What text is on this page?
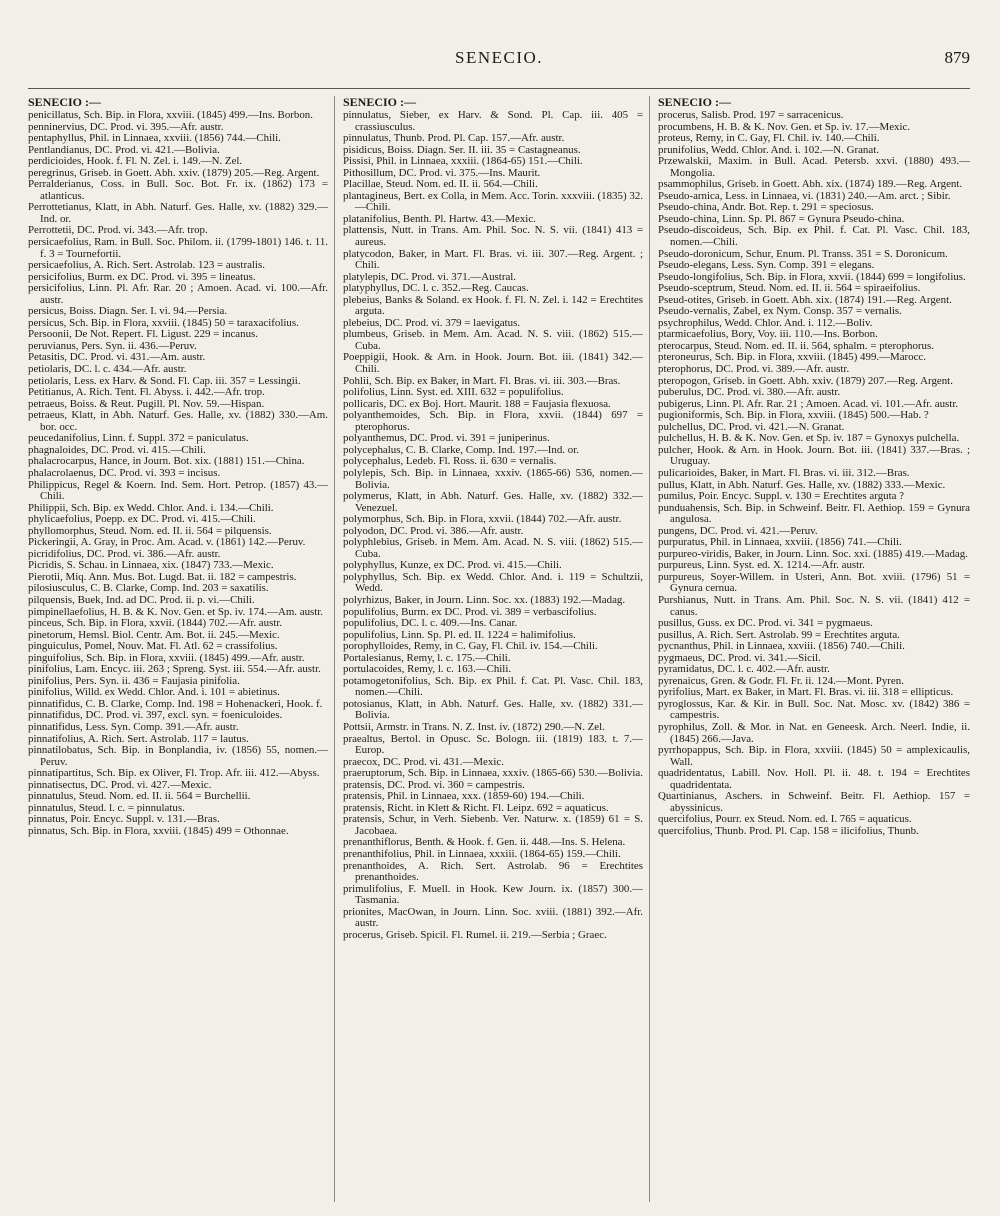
SENECIO.	879
SENECIO :—

penicillatus, Sch. Bip. in Flora, xxviii. (1845) 499.—Ins. Borbon.

penninervius, DC. Prod. vi. 395.—Afr. austr.

pentaphyllus, Phil. in Linnaea, xxviii. (1856) 744.—Chili.

Pentlandianus, DC. Prod. vi. 421.—Bolivia.

perdicioides, Hook. f. Fl. N. Zel. i. 149.—N. Zel.

peregrinus, Griseb. in Goett. Abh. xxiv. (1879) 205.—Reg. Argent.

Perralderianus, Coss. in Bull. Soc. Bot. Fr. ix. (1862) 173 = atlanticus.

Perrottetianus, Klatt, in Abh. Naturf. Ges. Halle, xv. (1882) 329.—Ind. or.

Perrottetii, DC. Prod. vi. 343.—Afr. trop.

persicaefolius, Ram. in Bull. Soc. Philom. ii. (1799-1801) 146. t. 11. f. 3 = Tournefortii.

persicaefolius, A. Rich. Sert. Astrolab. 123 = australis.

persicifolius, Burm. ex DC. Prod. vi. 395 = lineatus.

persicifolius, Linn. Pl. Afr. Rar. 20 ; Amoen. Acad. vi. 100.—Afr. austr.

persicus, Boiss. Diagn. Ser. I. vi. 94.—Persia.

persicus, Sch. Bip. in Flora, xxviii. (1845) 50 = taraxacifolius.

Persoonii, De Not. Repert. Fl. Ligust. 229 = incanus.

peruvianus, Pers. Syn. ii. 436.—Peruv.

Petasitis, DC. Prod. vi. 431.—Am. austr.

petiolaris, DC. l. c. 434.—Afr. austr.

petiolaris, Less. ex Harv. & Sond. Fl. Cap. iii. 357 = Lessingii.

Petitianus, A. Rich. Tent. Fl. Abyss. i. 442.—Afr. trop.

petraeus, Boiss. & Reut. Pugill. Pl. Nov. 59.—Hispan.

petraeus, Klatt, in Abh. Naturf. Ges. Halle, xv. (1882) 330.—Am. bor. occ.

peucedanifolius, Linn. f. Suppl. 372 = paniculatus.

phagnaloides, DC. Prod. vi. 415.—Chili.

phalacrocarpus, Hance, in Journ. Bot. xix. (1881) 151.—China.

phalacrolaenus, DC. Prod. vi. 393 = incisus.

Philippicus, Regel & Koern. Ind. Sem. Hort. Petrop. (1857) 43.—Chili.

Philippii, Sch. Bip. ex Wedd. Chlor. And. i. 134.—Chili.

phylicaefolius, Poepp. ex DC. Prod. vi. 415.—Chili.

phyllomorphus, Steud. Nom. ed. II. ii. 564 = pilquensis.

Pickeringii, A. Gray, in Proc. Am. Acad. v. (1861) 142.—Peruv.

picridifolius, DC. Prod. vi. 386.—Afr. austr.

Picridis, S. Schau. in Linnaea, xix. (1847) 733.—Mexic.

Pierotii, Miq. Ann. Mus. Bot. Lugd. Bat. ii. 182 = campestris.

pilosiusculus, C. B. Clarke, Comp. Ind. 203 = saxatilis.

pilquensis, Buek, Ind. ad DC. Prod. ii. p. vi.—Chili.

pimpinellaefolius, H. B. & K. Nov. Gen. et Sp. iv. 174.—Am. austr.

pinceus, Sch. Bip. in Flora, xxvii. (1844) 702.—Afr. austr.

pinetorum, Hemsl. Biol. Centr. Am. Bot. ii. 245.—Mexic.

pinguiculus, Pomel, Nouv. Mat. Fl. Atl. 62 = crassifolius.

pinguifolius, Sch. Bip. in Flora, xxviii. (1845) 499.—Afr. austr.

pinifolius, Lam. Encyc. iii. 263 ; Spreng. Syst. iii. 554.—Afr. austr.

pinifolius, Pers. Syn. ii. 436 = Faujasia pinifolia.

pinifolius, Willd. ex Wedd. Chlor. And. i. 101 = abietinus.

pinnatifidus, C. B. Clarke, Comp. Ind. 198 = Hohenackeri, Hook. f.

pinnatifidus, DC. Prod. vi. 397, excl. syn. = foeniculoides.

pinnatifidus, Less. Syn. Comp. 391.—Afr. austr.

pinnatifolius, A. Rich. Sert. Astrolab. 117 = lautus.

pinnatilobatus, Sch. Bip. in Bonplandia, iv. (1856) 55, nomen.—Peruv.

pinnatipartitus, Sch. Bip. ex Oliver, Fl. Trop. Afr. iii. 412.—Abyss.

pinnatisectus, DC. Prod. vi. 427.—Mexic.

pinnatulus, Steud. Nom. ed. II. ii. 564 = Burchellii.

pinnatulus, Steud. l. c. = pinnulatus.

pinnatus, Poir. Encyc. Suppl. v. 131.—Bras.

pinnatus, Sch. Bip. in Flora, xxviii. (1845) 499 = Othonnae.

SENECIO :—

pinnulatus, Sieber, ex Harv. & Sond. Pl. Cap. iii. 405 = crassiusculus.

pinnulatus, Thunb. Prod. Pl. Cap. 157.—Afr. austr.

pisidicus, Boiss. Diagn. Ser. II. iii. 35 = Castagneanus.

Pissisi, Phil. in Linnaea, xxxiii. (1864-65) 151.—Chili.

Pithosillum, DC. Prod. vi. 375.—Ins. Maurit.

Placillae, Steud. Nom. ed. II. ii. 564.—Chili.

plantagineus, Bert. ex Colla, in Mem. Acc. Torin. xxxviii. (1835) 32.—Chili.

platanifolius, Benth. Pl. Hartw. 43.—Mexic.

plattensis, Nutt. in Trans. Am. Phil. Soc. N. S. vii. (1841) 413 = aureus.

platycodon, Baker, in Mart. Fl. Bras. vi. iii. 307.—Reg. Argent. ; Chili.

platylepis, DC. Prod. vi. 371.—Austral.

platyphyllus, DC. l. c. 352.—Reg. Caucas.

plebeius, Banks & Soland. ex Hook. f. Fl. N. Zel. i. 142 = Erechtites arguta.

plebeius, DC. Prod. vi. 379 = laevigatus.

plumbeus, Griseb. in Mem. Am. Acad. N. S. viii. (1862) 515.—Cuba.

Poeppigii, Hook. & Arn. in Hook. Journ. Bot. iii. (1841) 342.—Chili.

Pohlii, Sch. Bip. ex Baker, in Mart. Fl. Bras. vi. iii. 303.—Bras.

polifolius, Linn. Syst. ed. XIII. 632 = populifolius.

pollicaris, DC. ex Boj. Hort. Maurit. 188 = Faujasia flexuosa.

polyanthemoides, Sch. Bip. in Flora, xxvii. (1844) 697 = pterophorus.

polyanthemus, DC. Prod. vi. 391 = juniperinus.

polycephalus, C. B. Clarke, Comp. Ind. 197.—Ind. or.

polycephalus, Ledeb. Fl. Ross. ii. 630 = vernalis.

polylepis, Sch. Bip. in Linnaea, xxxiv. (1865-66) 536, nomen.—Bolivia.

polymerus, Klatt, in Abh. Naturf. Ges. Halle, xv. (1882) 332.—Venezuel.

polymorphus, Sch. Bip. in Flora, xxvii. (1844) 702.—Afr. austr.

polyodon, DC. Prod. vi. 386.—Afr. austr.

polyphlebius, Griseb. in Mem. Am. Acad. N. S. viii. (1862) 515.—Cuba.

polyphyllus, Kunze, ex DC. Prod. vi. 415.—Chili.

polyphyllus, Sch. Bip. ex Wedd. Chlor. And. i. 119 = Schultzii, Wedd.

polyrhizus, Baker, in Journ. Linn. Soc. xx. (1883) 192.—Madag.

populifolius, Burm. ex DC. Prod. vi. 389 = verbascifolius.

populifolius, DC. l. c. 409.—Ins. Canar.

populifolius, Linn. Sp. Pl. ed. II. 1224 = halimifolius.

porophylloides, Remy, in C. Gay, Fl. Chil. iv. 154.—Chili.

Portalesianus, Remy, l. c. 175.—Chili.

portulacoides, Remy, l. c. 163.—Chili.

potamogetonifolius, Sch. Bip. ex Phil. f. Cat. Pl. Vasc. Chil. 183, nomen.—Chili.

potosianus, Klatt, in Abh. Naturf. Ges. Halle, xv. (1882) 331.—Bolivia.

Pottsii, Armstr. in Trans. N. Z. Inst. iv. (1872) 290.—N. Zel.

praealtus, Bertol. in Opusc. Sc. Bologn. iii. (1819) 183. t. 7.—Europ.

praecox, DC. Prod. vi. 431.—Mexic.

praeruptorum, Sch. Bip. in Linnaea, xxxiv. (1865-66) 530.—Bolivia.

pratensis, DC. Prod. vi. 360 = campestris.

pratensis, Phil. in Linnaea, xxx. (1859-60) 194.—Chili.

pratensis, Richt. in Klett & Richt. Fl. Leipz. 692 = aquaticus.

pratensis, Schur, in Verh. Siebenb. Ver. Naturw. x. (1859) 61 = S. Jacobaea.

prenanthiflorus, Benth. & Hook. f. Gen. ii. 448.—Ins. S. Helena.

prenanthifolius, Phil. in Linnaea, xxxiii. (1864-65) 159.—Chili.

prenanthoides, A. Rich. Sert. Astrolab. 96 = Erechtites prenanthoides.

primulifolius, F. Muell. in Hook. Kew Journ. ix. (1857) 300.—Tasmania.

prionites, MacOwan, in Journ. Linn. Soc. xviii. (1881) 392.—Afr. austr.

procerus, Griseb. Spicil. Fl. Rumel. ii. 219.—Serbia ; Graec.

SENECIO :—

procerus, Salisb. Prod. 197 = sarracenicus.

procumbens, H. B. & K. Nov. Gen. et Sp. iv. 17.—Mexic.

proteus, Remy, in C. Gay, Fl. Chil. iv. 140.—Chili.

prunifolius, Wedd. Chlor. And. i. 102.—N. Granat.

Przewalskii, Maxim. in Bull. Acad. Petersb. xxvi. (1880) 493.—Mongolia.

psammophilus, Griseb. in Goett. Abh. xix. (1874) 189.—Reg. Argent.

Pseudo-arnica, Less. in Linnaea, vi. (1831) 240.—Am. arct. ; Sibir.

Pseudo-china, Andr. Bot. Rep. t. 291 = speciosus.

Pseudo-china, Linn. Sp. Pl. 867 = Gynura Pseudo-china.

Pseudo-discoideus, Sch. Bip. ex Phil. f. Cat. Pl. Vasc. Chil. 183, nomen.—Chili.

Pseudo-doronicum, Schur, Enum. Pl. Transs. 351 = S. Doronicum.

Pseudo-elegans, Less. Syn. Comp. 391 = elegans.

Pseudo-longifolius, Sch. Bip. in Flora, xxvii. (1844) 699 = longifolius.

Pseudo-sceptrum, Steud. Nom. ed. II. ii. 564 = spiraeifolius.

Pseud-otites, Griseb. in Goett. Abh. xix. (1874) 191.—Reg. Argent.

Pseudo-vernalis, Zabel, ex Nym. Consp. 357 = vernalis.

psychrophilus, Wedd. Chlor. And. i. 112.—Boliv.

ptarmicaefolius, Bory, Voy. iii. 110.—Ins. Borbon.

pterocarpus, Steud. Nom. ed. II. ii. 564, sphalm. = pterophorus.

pteroneurus, Sch. Bip. in Flora, xxviii. (1845) 499.—Marocc.

pterophorus, DC. Prod. vi. 389.—Afr. austr.

pteropogon, Griseb. in Goett. Abh. xxiv. (1879) 207.—Reg. Argent.

puberulus, DC. Prod. vi. 380.—Afr. austr.

pubigerus, Linn. Pl. Afr. Rar. 21 ; Amoen. Acad. vi. 101.—Afr. austr.

pugioniformis, Sch. Bip. in Flora, xxviii. (1845) 500.—Hab. ?

pulchellus, DC. Prod. vi. 421.—N. Granat.

pulchellus, H. B. & K. Nov. Gen. et Sp. iv. 187 = Gynoxys pulchella.

pulcher, Hook. & Arn. in Hook. Journ. Bot. iii. (1841) 337.—Bras. ; Uruguay.

pulicarioides, Baker, in Mart. Fl. Bras. vi. iii. 312.—Bras.

pullus, Klatt, in Abh. Naturf. Ges. Halle, xv. (1882) 333.—Mexic.

pumilus, Poir. Encyc. Suppl. v. 130 = Erechtites arguta ?

punduahensis, Sch. Bip. in Schweinf. Beitr. Fl. Aethiop. 159 = Gynura angulosa.

pungens, DC. Prod. vi. 421.—Peruv.

purpuratus, Phil. in Linnaea, xxviii. (1856) 741.—Chili.

purpureo-viridis, Baker, in Journ. Linn. Soc. xxi. (1885) 419.—Madag.

purpureus, Linn. Syst. ed. X. 1214.—Afr. austr.

purpureus, Soyer-Willem. in Usteri, Ann. Bot. xviii. (1796) 51 = Gynura cernua.

Purshianus, Nutt. in Trans. Am. Phil. Soc. N. S. vii. (1841) 412 = canus.

pusillus, Guss. ex DC. Prod. vi. 341 = pygmaeus.

pusillus, A. Rich. Sert. Astrolab. 99 = Erechtites arguta.

pycnanthus, Phil. in Linnaea, xxviii. (1856) 740.—Chili.

pygmaeus, DC. Prod. vi. 341.—Sicil.

pyramidatus, DC. l. c. 402.—Afr. austr.

pyrenaicus, Gren. & Godr. Fl. Fr. ii. 124.—Mont. Pyren.

pyrifolius, Mart. ex Baker, in Mart. Fl. Bras. vi. iii. 318 = ellipticus.

pyroglossus, Kar. & Kir. in Bull. Soc. Nat. Mosc. xv. (1842) 386 = campestris.

pyrophilus, Zoll. & Mor. in Nat. en Geneesk. Arch. Neerl. Indie, ii. (1845) 266.—Java.

pyrrhopappus, Sch. Bip. in Flora, xxviii. (1845) 50 = amplexicaulis, Wall.

quadridentatus, Labill. Nov. Holl. Pl. ii. 48. t. 194 = Erechtites quadridentata.

Quartinianus, Aschers. in Schweinf. Beitr. Fl. Aethiop. 157 = abyssinicus.

quercifolius, Pourr. ex Steud. Nom. ed. I. 765 = aquaticus.

quercifolius, Thunb. Prod. Pl. Cap. 158 = ilicifolius, Thunb.
